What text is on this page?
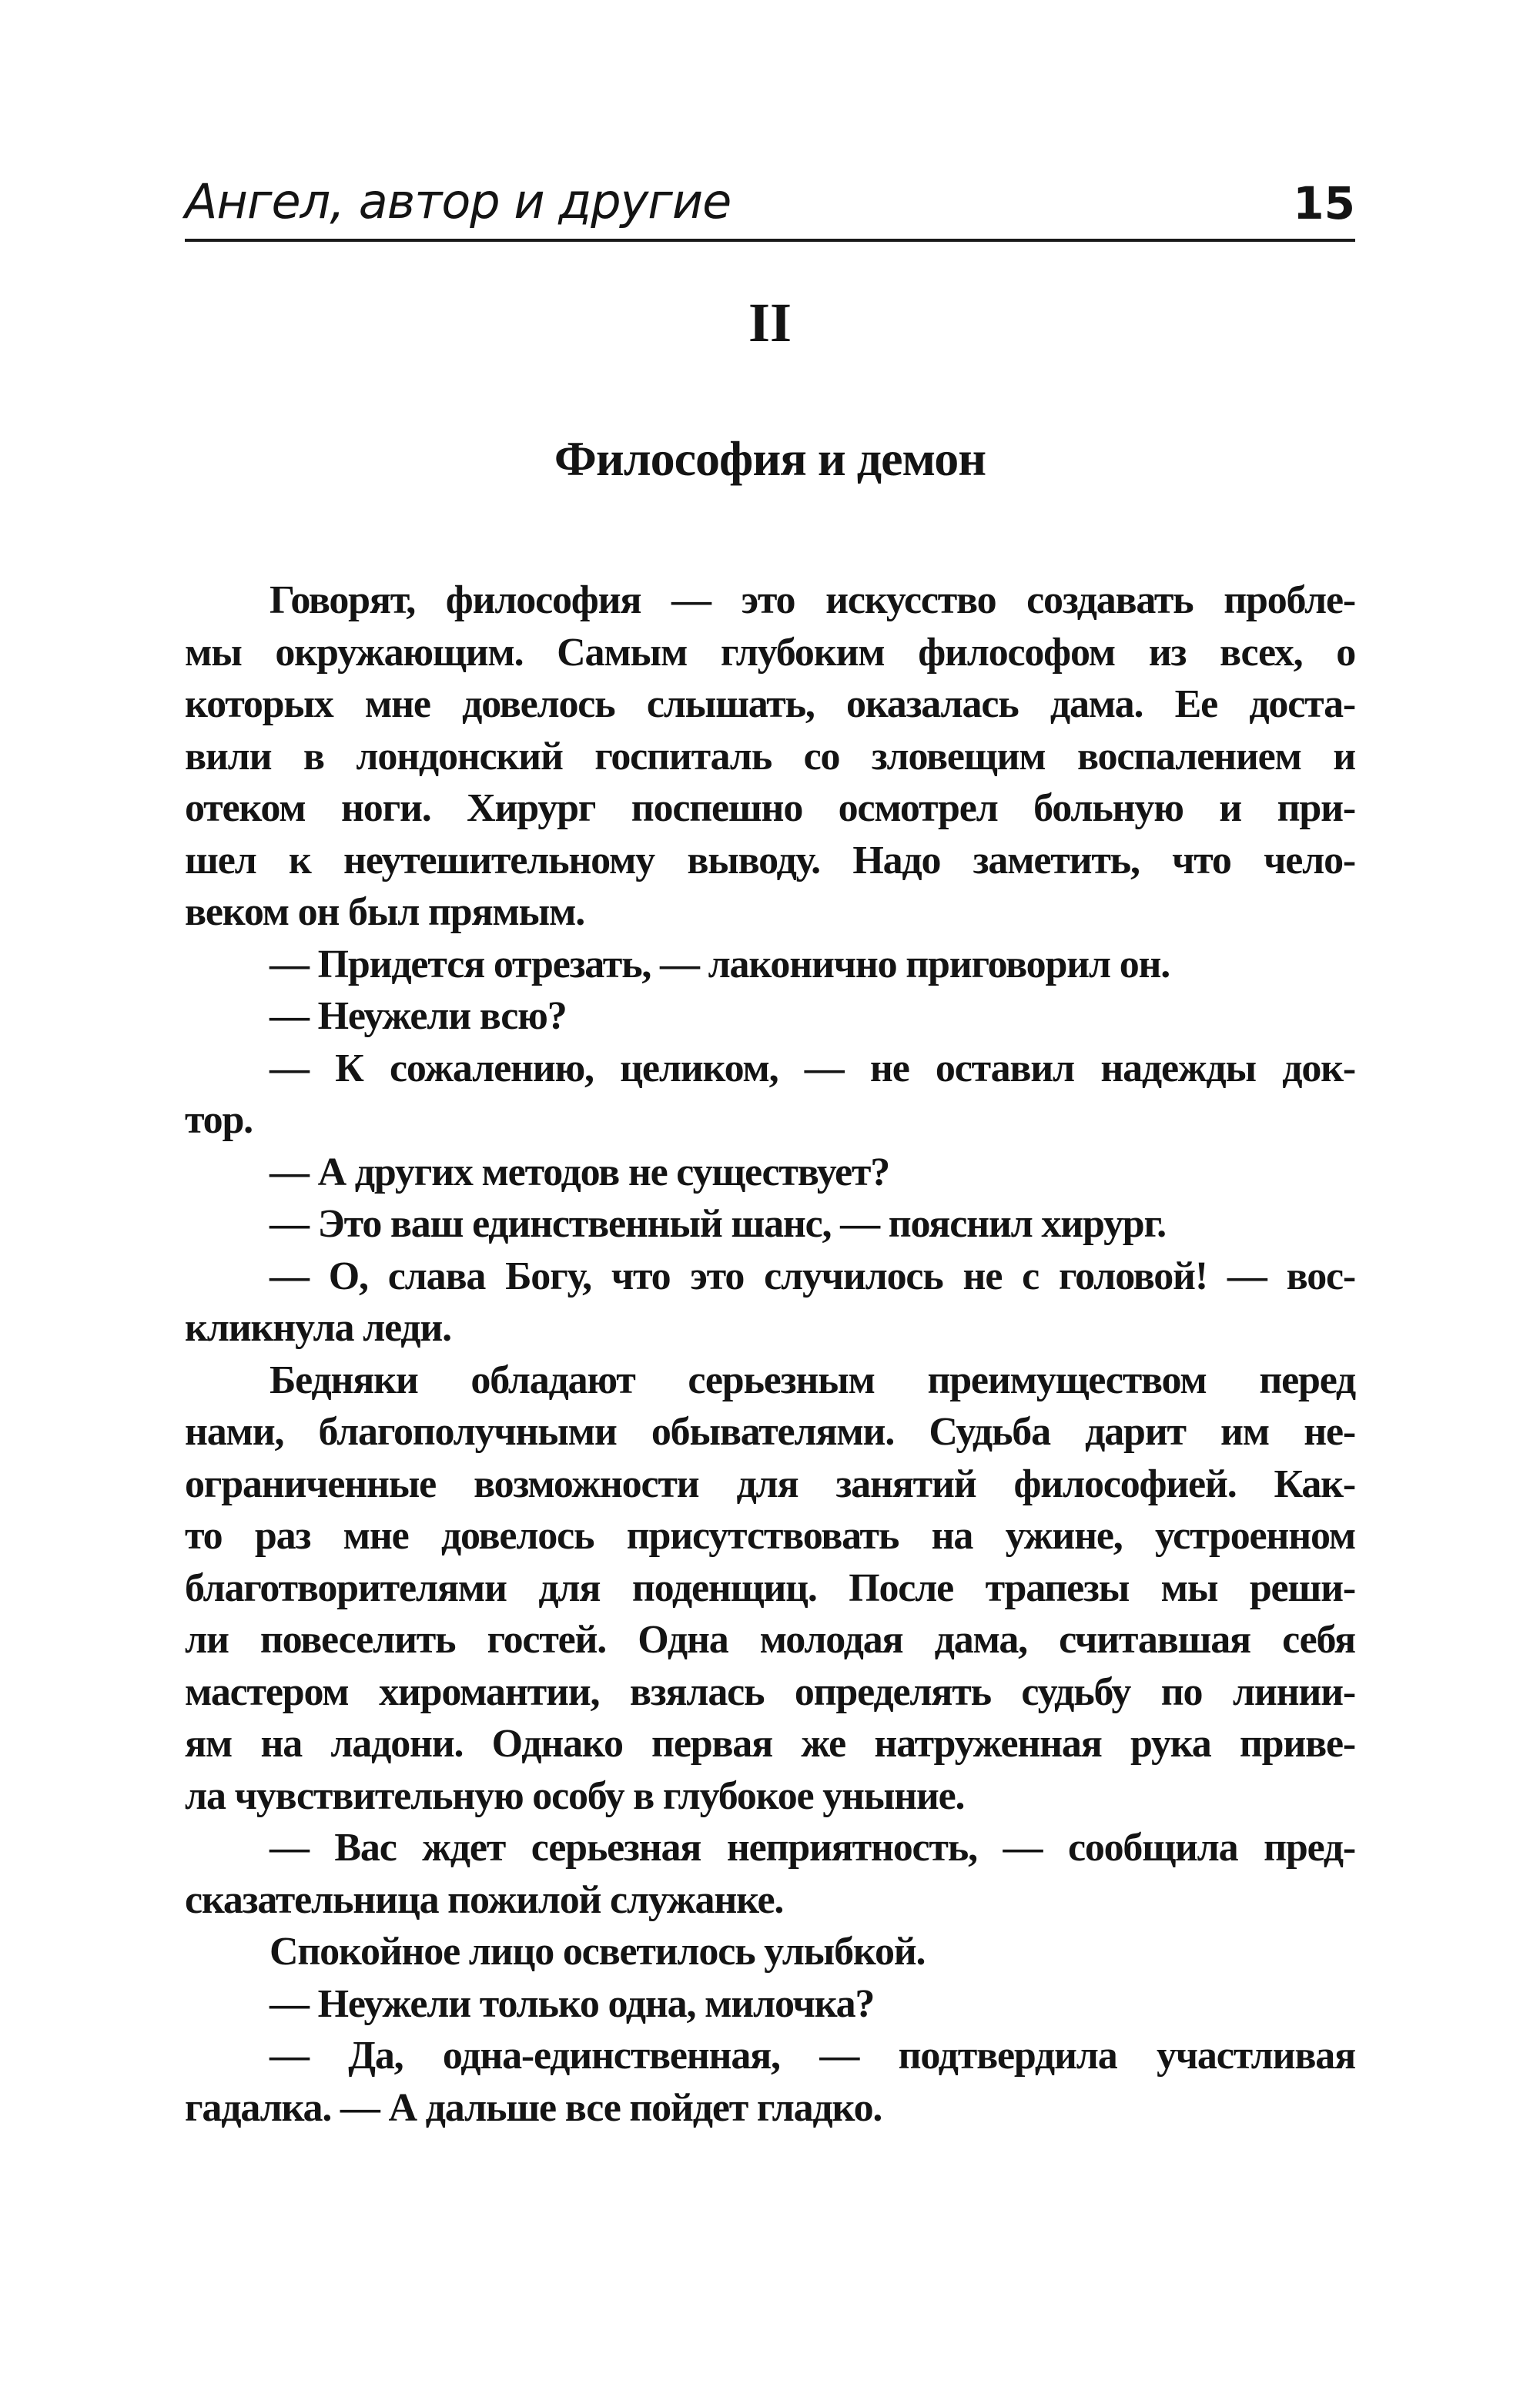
Ангел, автор и другие	15
II
Философия и демон
Говорят, философия — это искусство создавать пробле-
мы окружающим. Самым глубоким философом из всех, о
которых мне довелось слышать, оказалась дама. Ее доста-
вили в лондонский госпиталь со зловещим воспалением и
отеком ноги. Хирург поспешно осмотрел больную и при-
шел к неутешительному выводу. Надо заметить, что чело-
веком он был прямым.
— Придется отрезать, — лаконично приговорил он.
— Неужели всю?
— К сожалению, целиком, — не оставил надежды док-
тор.
— А других методов не существует?
— Это ваш единственный шанс, — пояснил хирург.
— О, слава Богу, что это случилось не с головой! — вос-
кликнула леди.
Бедняки обладают серьезным преимуществом перед
нами, благополучными обывателями. Судьба дарит им не-
ограниченные возможности для занятий философией. Как-
то раз мне довелось присутствовать на ужине, устроенном
благотворителями для поденщиц. После трапезы мы реши-
ли повеселить гостей. Одна молодая дама, считавшая себя
мастером хиромантии, взялась определять судьбу по линии-
ям на ладони. Однако первая же натруженная рука приве-
ла чувствительную особу в глубокое уныние.
— Вас ждет серьезная неприятность, — сообщила пред-
сказательница пожилой служанке.
Спокойное лицо осветилось улыбкой.
— Неужели только одна, милочка?
— Да, одна-единственная, — подтвердила участливая
гадалка. — А дальше все пойдет гладко.
